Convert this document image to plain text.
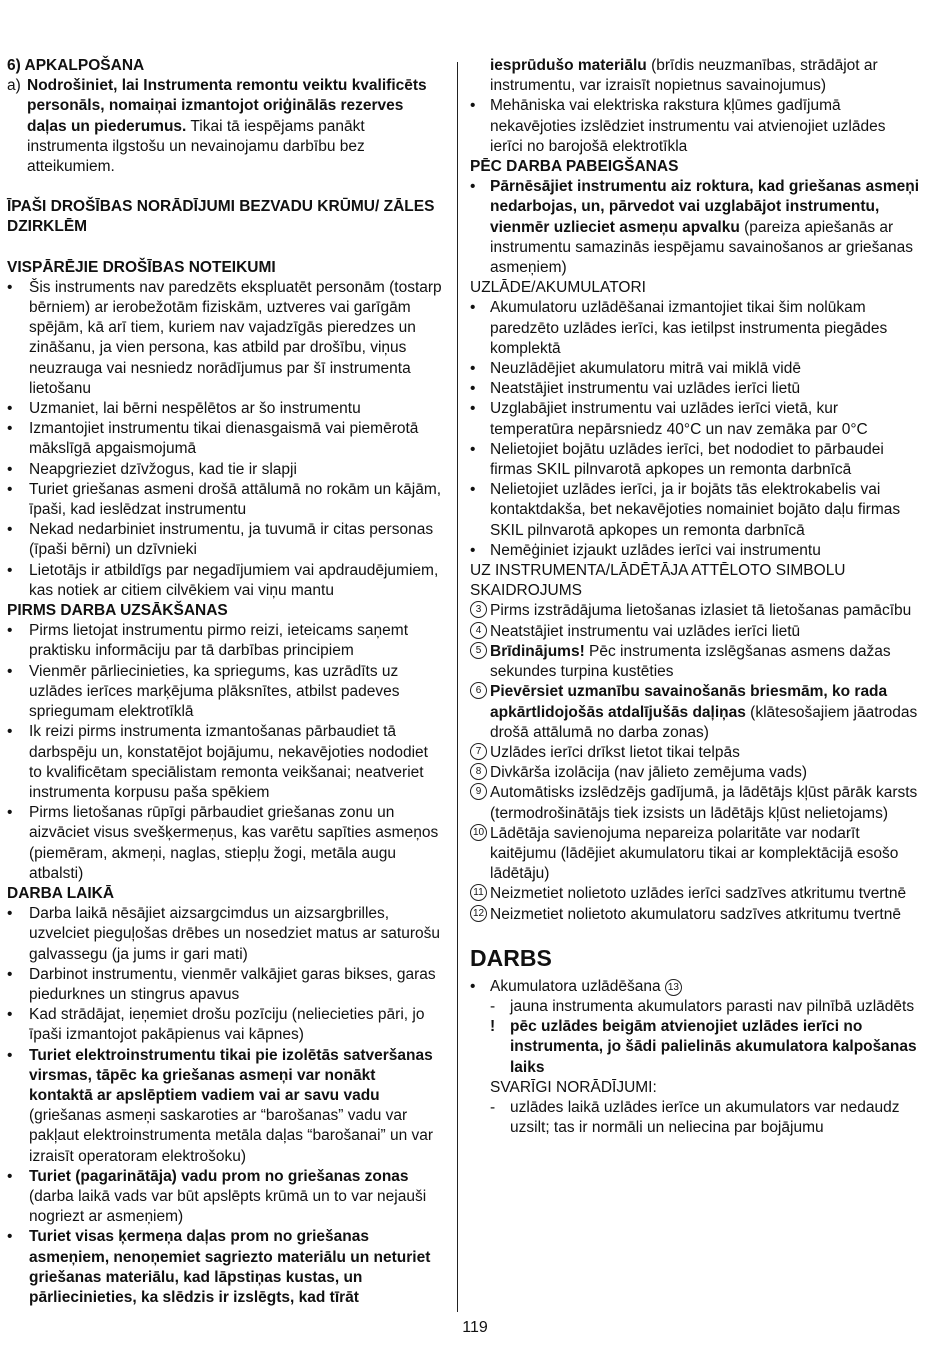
6) APKALPOŠANA

a) Nodrošiniet, lai Instrumenta remontu veiktu kvalificēts personāls, nomaiņai izmantojot oriģinālās rezerves daļas un piederumus. Tikai tā iespējams panākt instrumenta ilgstošu un nevainojamu darbību bez atteikumiem.

ĪPAŠI DROŠĪBAS NORĀDĪJUMI BEZVADU KRŪMU/ ZĀLES DZIRKLĒM

VISPĀRĒJIE DROŠĪBAS NOTEIKUMI

•	Šis instruments nav paredzēts ekspluatēt personām (tostarp bērniem) ar ierobežotām fiziskām, uztveres vai garīgām spējām, kā arī tiem, kuriem nav vajadzīgās pieredzes un zināšanu, ja vien persona, kas atbild par drošību, viņus neuzrauga vai nesniedz norādījumus par šī instrumenta lietošanu
•	Uzmaniet, lai bērni nespēlētos ar šo instrumentu
•	Izmantojiet instrumentu tikai dienasgaismā vai piemērotā mākslīgā apgaismojumā
•	Neapgrieziet dzīvžogus, kad tie ir slapji
•	Turiet griešanas asmeni drošā attālumā no rokām un kājām, īpaši, kad ieslēdzat instrumentu
•	Nekad nedarbiniet instrumentu, ja tuvumā ir citas personas (īpaši bērni) un dzīvnieki
•	Lietotājs ir atbildīgs par negadījumiem vai apdraudējumiem, kas notiek ar citiem cilvēkiem vai viņu mantu

PIRMS DARBA UZSĀKŠANAS

•	Pirms lietojat instrumentu pirmo reizi, ieteicams saņemt praktisku informāciju par tā darbības principiem
•	Vienmēr pārliecinieties, ka spriegums, kas uzrādīts uz uzlādes ierīces marķējuma plāksnītes, atbilst padeves spriegumam elektrotīklā
•	Ik reizi pirms instrumenta izmantošanas pārbaudiet tā darbspēju un, konstatējot bojājumu, nekavējoties nododiet to kvalificētam speciālistam remonta veikšanai; neatveriet instrumenta korpusu paša spēkiem
•	Pirms lietošanas rūpīgi pārbaudiet griešanas zonu un aizvāciet visus svešķermeņus, kas varētu sapīties asmeņos (piemēram, akmeņi, naglas, stiepļu žogi, metāla augu atbalsti)

DARBA LAIKĀ

•	Darba laikā nēsājiet aizsargcimdus un aizsargbrilles, uzvelciet pieguļošas drēbes un nosedziet matus ar saturošu galvassegu (ja jums ir gari mati)
•	Darbinot instrumentu, vienmēr valkājiet garas bikses, garas piedurknes un stingrus apavus
•	Kad strādājat, ieņemiet drošu pozīciju (neliecieties pāri, jo īpaši izmantojot pakāpienus vai kāpnes)
•	Turiet elektroinstrumentu tikai pie izolētās satveršanas virsmas, tāpēc ka griešanas asmeņi var nonākt kontaktā ar apslēptiem vadiem vai ar savu vadu (griešanas asmeņi saskaroties ar “barošanas” vadu var pakļaut elektroinstrumenta metāla daļas “barošanai” un var izraisīt operatoram elektrošoku)
•	Turiet (pagarinātāja) vadu prom no griešanas zonas (darba laikā vads var būt apslēpts krūmā un to var nejauši nogriezt ar asmeņiem)
•	Turiet visas ķermeņa daļas prom no griešanas asmeņiem, nenoņemiet sagriezto materiālu un neturiet griešanas materiālu, kad lāpstiņas kustas, un pārliecinieties, ka slēdzis ir izslēgts, kad tīrāt
iesprūdušo materiālu (brīdis neuzmanības, strādājot ar instrumentu, var izraisīt nopietnus savainojumus)
• Mehāniska vai elektriska rakstura kļūmes gadījumā nekavējoties izslēdziet instrumentu vai atvienojiet uzlādes ierīci no barojošā elektrotīkla

PĒC DARBA PABEIGŠANAS

• Pārnēsājiet instrumentu aiz roktura, kad griešanas asmeņi nedarbojas, un, pārvedot vai uzglabājot instrumentu, vienmēr uzlieciet asmeņu apvalku (pareiza apiešanās ar instrumentu samazinās iespējamu savainošanos ar griešanas asmeņiem)

UZLĀDE/AKUMULATORI

• Akumulatoru uzlādēšanai izmantojiet tikai šim nolūkam paredzēto uzlādes ierīci, kas ietilpst instrumenta piegādes komplektā
• Neuzlādējiet akumulatoru mitrā vai miklā vidē
• Neatstājiet instrumentu vai uzlādes ierīci lietū
• Uzglabājiet instrumentu vai uzlādes ierīci vietā, kur temperatūra nepārsniedz 40°C un nav zemāka par 0°C
• Nelietojiet bojātu uzlādes ierīci, bet nododiet to pārbaudei firmas SKIL pilnvarotā apkopes un remonta darbnīcā
• Nelietojiet uzlādes ierīci, ja ir bojāts tās elektrokabelis vai kontaktdakša, bet nekavējoties nomainiet bojāto daļu firmas SKIL pilnvarotā apkopes un remonta darbnīcā
• Nemēģiniet izjaukt uzlādes ierīci vai instrumentu

UZ INSTRUMENTA/LĀDĒTĀJA ATTĒLOTO SIMBOLU SKAIDROJUMS

3 Pirms izstrādājuma lietošanas izlasiet tā lietošanas pamācību
4 Neatstājiet instrumentu vai uzlādes ierīci lietū
5 Brīdinājums! Pēc instrumenta izslēgšanas asmens dažas sekundes turpina kustēties
6 Pievērsiet uzmanību savainošanās briesmām, ko rada apkārtlidojošās atdalījušās daļiņas (klātesošajiem jāatrodas drošā attālumā no darba zonas)
7 Uzlādes ierīci drīkst lietot tikai telpās
8 Divkārša izolācija (nav jālieto zemējuma vads)
9 Automātisks izslēdzējs gadījumā, ja lādētājs kļūst pārāk karsts (termodrošinātājs tiek izsists un lādētājs kļūst nelietojams)
10 Lādētāja savienojuma nepareiza polaritāte var nodarīt kaitējumu (lādējiet akumulatoru tikai ar komplektācijā esošo lādētāju)
11 Neizmetiet nolietoto uzlādes ierīci sadzīves atkritumu tvertnē
12 Neizmetiet nolietoto akumulatoru sadzīves atkritumu tvertnē

DARBS

• Akumulatora uzlādēšana 13
- jauna instrumenta akumulators parasti nav pilnībā uzlādēts
! pēc uzlādes beigām atvienojiet uzlādes ierīci no instrumenta, jo šādi palielinās akumulatora kalpošanas laiks

SVARĪGI NORĀDĪJUMI:

- uzlādes laikā uzlādes ierīce un akumulators var nedaudz uzsilt; tas ir normāli un neliecina par bojājumu
119
